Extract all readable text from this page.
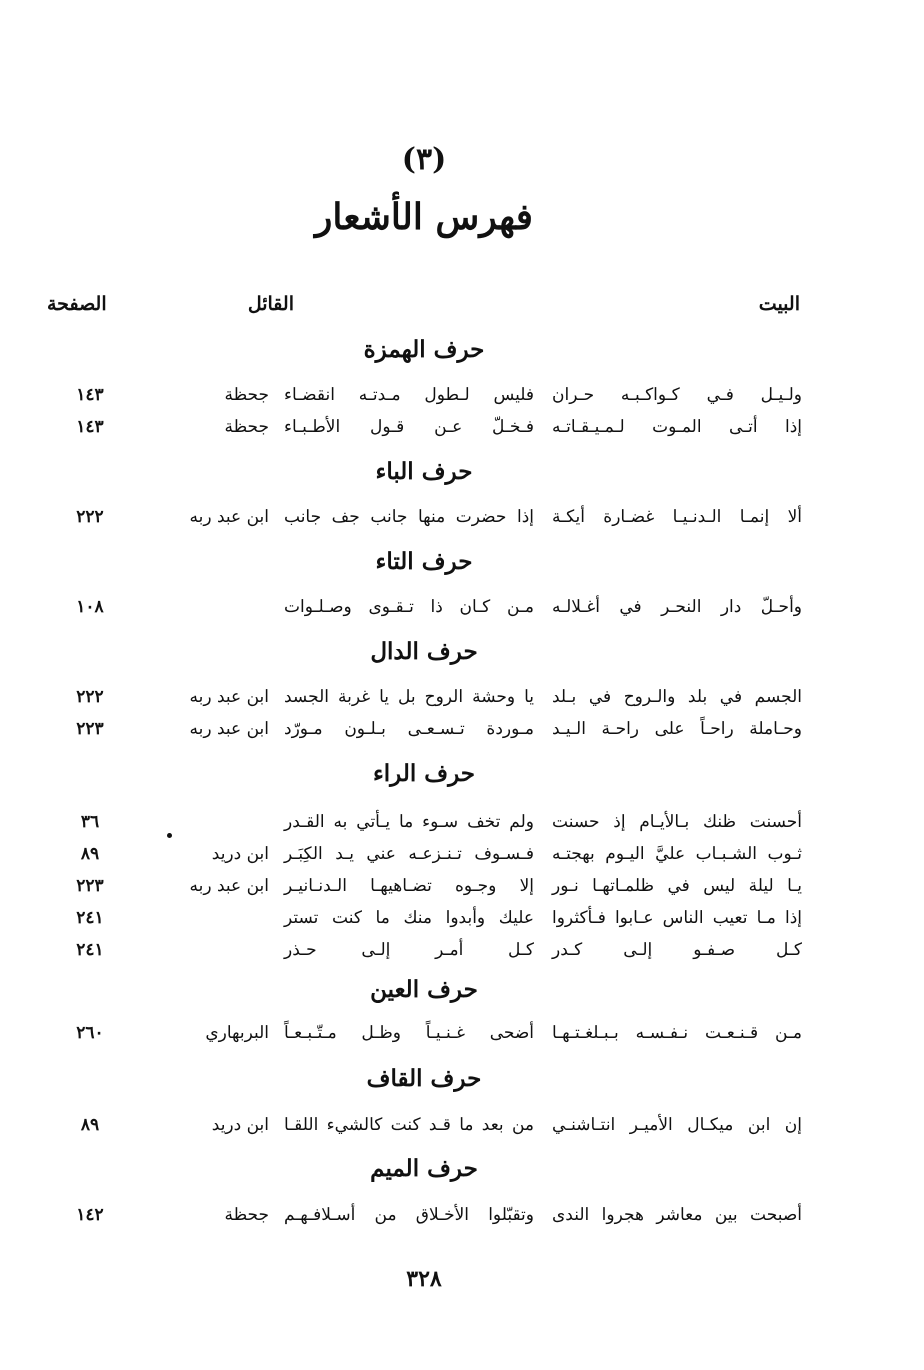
(٣)
فهرس الأشعار
البيت
القائل
الصفحة
حرف الهمزة
ولـيـل فـي كـواكـبـه حـران
فليس لـطول مـدتـه انقضـاء
جحظة
١٤٣
إذا أتـى المـوت لـمـيـقـاتـه
فـخـلّ عـن قـول الأطـبـاء
جحظة
١٤٣
حرف الباء
ألا إنمـا الـدنـيـا غضـارة أيكـة
إذا حضرت منها جانب جف جانب
ابن عبد ربه
٢٢٢
حرف التاء
وأحـلّ دار النحـر في أغـلالـه
مـن كـان ذا تـقـوى وصـلـوات
١٠٨
حرف الدال
الجسم في بلد والـروح في بـلد
يا وحشة الروح بل يا غربة الجسد
ابن عبد ربه
٢٢٢
وحـاملة راحـاً على راحـة الـيـد
مـوردة تـسـعـى بـلـون مـورّد
ابن عبد ربه
٢٢٣
حرف الراء
أحسنت ظنك بـالأيـام إذ حسنت
ولم تخف سـوء ما يـأتي به القـدر
٣٦
ثـوب الشـبـاب عليَّ اليـوم بهجتـه
فـسـوف تـنـزعـه عني يـد الكِبَـر
ابن دريد
٨٩
يـا ليلة ليس في ظلمـاتهـا نـور
إلا وجـوه تضـاهيهـا الـدنـانيـر
ابن عبد ربه
٢٢٣
إذا مـا تعيب الناس عـابوا فـأكثروا
عليك وأبدوا منك ما كنت تستر
٢٤١
كـل صـفـو إلـى كـدر
كـل أمـر إلـى حـذر
٢٤١
حرف العين
مـن قـنـعـت نـفـسـه بـبـلغـتـهـا
أضحى غـنـيـاً وظـل مـتّـبـعـاً
البربهاري
٢٦٠
حرف القاف
إن ابن ميكـال الأميـر انتـاشنـي
من بعد ما قـد كنت كالشيء اللقـا
ابن دريد
٨٩
حرف الميم
أصبحت بين معاشر هجروا الندى
وتقبّلوا الأخـلاق من أسـلافـهـم
جحظة
١٤٢
٣٢٨
